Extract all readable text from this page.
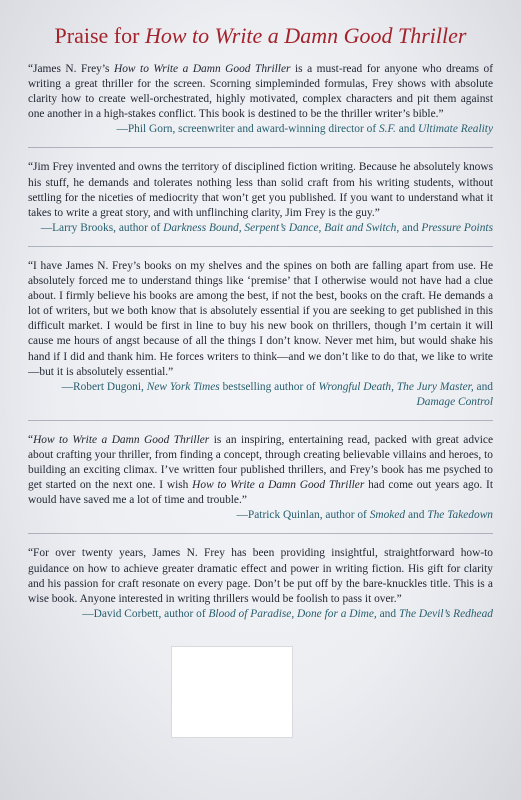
Praise for How to Write a Damn Good Thriller

“James N. Frey’s How to Write a Damn Good Thriller is a must-read for anyone who dreams of writing a great thriller for the screen. Scorning simpleminded formulas, Frey shows with absolute clarity how to create well-orchestrated, highly motivated, complex characters and pit them against one another in a high-stakes conflict. This book is destined to be the thriller writer’s bible.”

—Phil Gorn, screenwriter and award-winning director of S.F. and Ultimate Reality

“Jim Frey invented and owns the territory of disciplined fiction writing. Because he absolutely knows his stuff, he demands and tolerates nothing less than solid craft from his writing students, without settling for the niceties of mediocrity that won’t get you published. If you want to understand what it takes to write a great story, and with unflinching clarity, Jim Frey is the guy.”

—Larry Brooks, author of Darkness Bound, Serpent’s Dance, Bait and Switch, and Pressure Points

“I have James N. Frey’s books on my shelves and the spines on both are falling apart from use. He absolutely forced me to understand things like ‘premise’ that I otherwise would not have had a clue about. I firmly believe his books are among the best, if not the best, books on the craft. He demands a lot of writers, but we both know that is absolutely essential if you are seeking to get published in this difficult market. I would be first in line to buy his new book on thrillers, though I’m certain it will cause me hours of angst because of all the things I don’t know. Never met him, but would shake his hand if I did and thank him. He forces writers to think—and we don’t like to do that, we like to write—but it is absolutely essential.”

—Robert Dugoni, New York Times bestselling author of Wrongful Death, The Jury Master, and Damage Control

“How to Write a Damn Good Thriller is an inspiring, entertaining read, packed with great advice about crafting your thriller, from finding a concept, through creating believable villains and heroes, to building an exciting climax. I’ve written four published thrillers, and Frey’s book has me psyched to get started on the next one. I wish How to Write a Damn Good Thriller had come out years ago. It would have saved me a lot of time and trouble.”

—Patrick Quinlan, author of Smoked and The Takedown

“For over twenty years, James N. Frey has been providing insightful, straightforward how-to guidance on how to achieve greater dramatic effect and power in writing fiction. His gift for clarity and his passion for craft resonate on every page. Don’t be put off by the bare-knuckles title. This is a wise book. Anyone interested in writing thrillers would be foolish to pass it over.”

—David Corbett, author of Blood of Paradise, Done for a Dime, and The Devil’s Redhead
